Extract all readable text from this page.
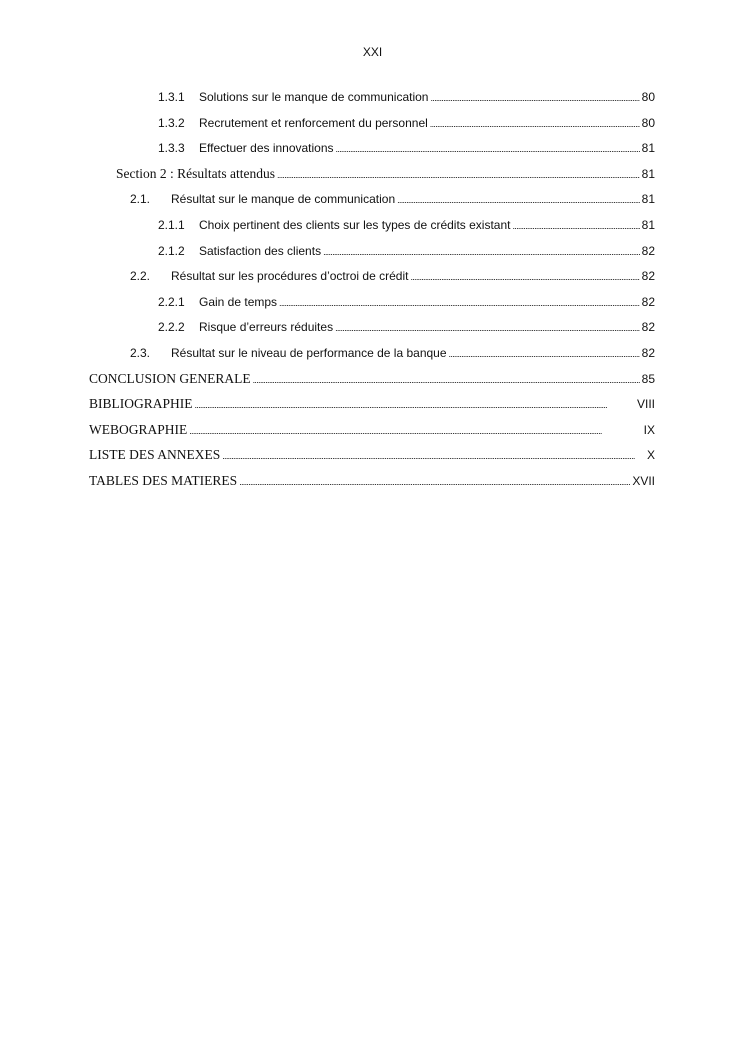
XXI
1.3.1	Solutions sur le manque de communication . . .	80
1.3.2	Recrutement et renforcement du personnel . . .	80
1.3.3	Effectuer des innovations . . .	81
Section 2 : Résultats attendus . . .	81
2.1.	Résultat sur le manque de communication . . .	81
2.1.1	Choix pertinent des clients sur les types de crédits existant . . .	81
2.1.2	Satisfaction des clients . . .	82
2.2.	Résultat sur les procédures d’octroi de crédit . . .	82
2.2.1	Gain de temps . . .	82
2.2.2	Risque d’erreurs réduites . . .	82
2.3.	Résultat sur le niveau de performance de la banque . . .	82
CONCLUSION GENERALE . . .	85
BIBLIOGRAPHIE . . .	VIII
WEBOGRAPHIE . . .	IX
LISTE DES ANNEXES . . .	X
TABLES DES MATIERES . . .	XVII
